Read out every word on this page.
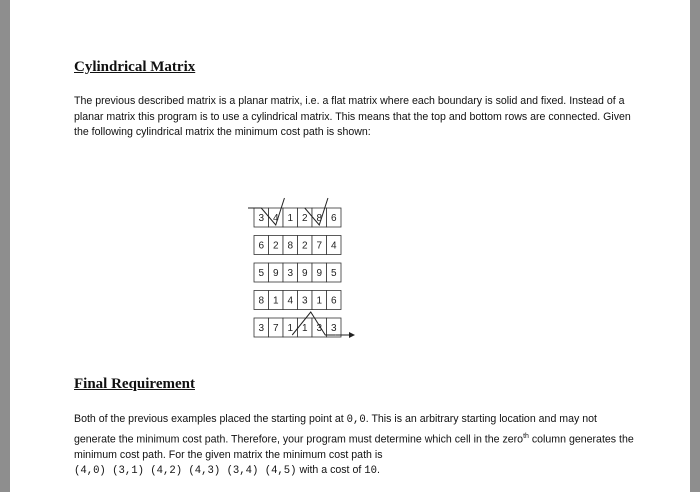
Cylindrical Matrix

The previous described matrix is a planar matrix, i.e. a flat matrix where each boundary is solid and fixed. Instead of a planar matrix this program is to use a cylindrical matrix. This means that the top and bottom rows are connected. Given the following cylindrical matrix the minimum cost path is shown:

3 4 1 2 8 6
6 2 8 2 7 4
5 9 3 9 9 5
8 1 4 3 1 6
3 7 1 1 3 3
Final Requirement

Both of the previous examples placed the starting point at 0,0. This is an arbitrary starting location and may not generate the minimum cost path. Therefore, your program must determine which cell in the zero$^{th}$ column generates the minimum cost path. For the given matrix the minimum cost path is
(4,0) (3,1) (4,2) (4,3) (3,4) (4,5) with a cost of 10.
